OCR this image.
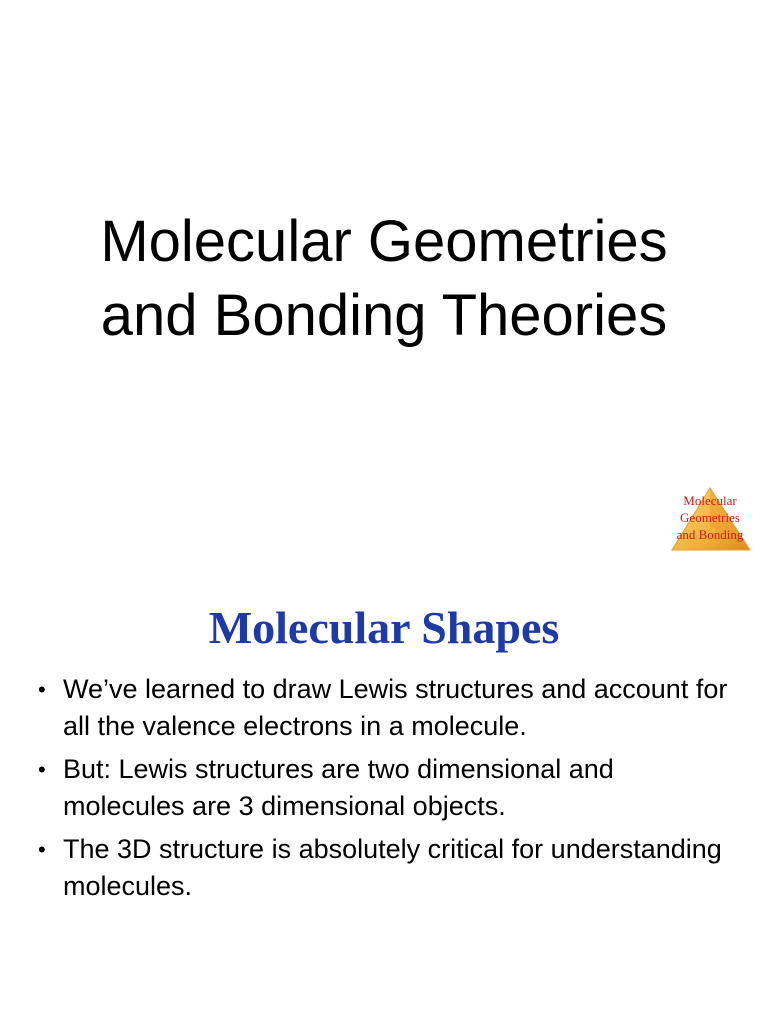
Molecular Geometries
and Bonding Theories
Molecular
Geometries
and Bonding
Molecular Shapes
• We’ve learned to draw Lewis structures and account for all the valence electrons in a molecule.
• But: Lewis structures are two dimensional and molecules are 3 dimensional objects.
• The 3D structure is absolutely critical for understanding molecules.
